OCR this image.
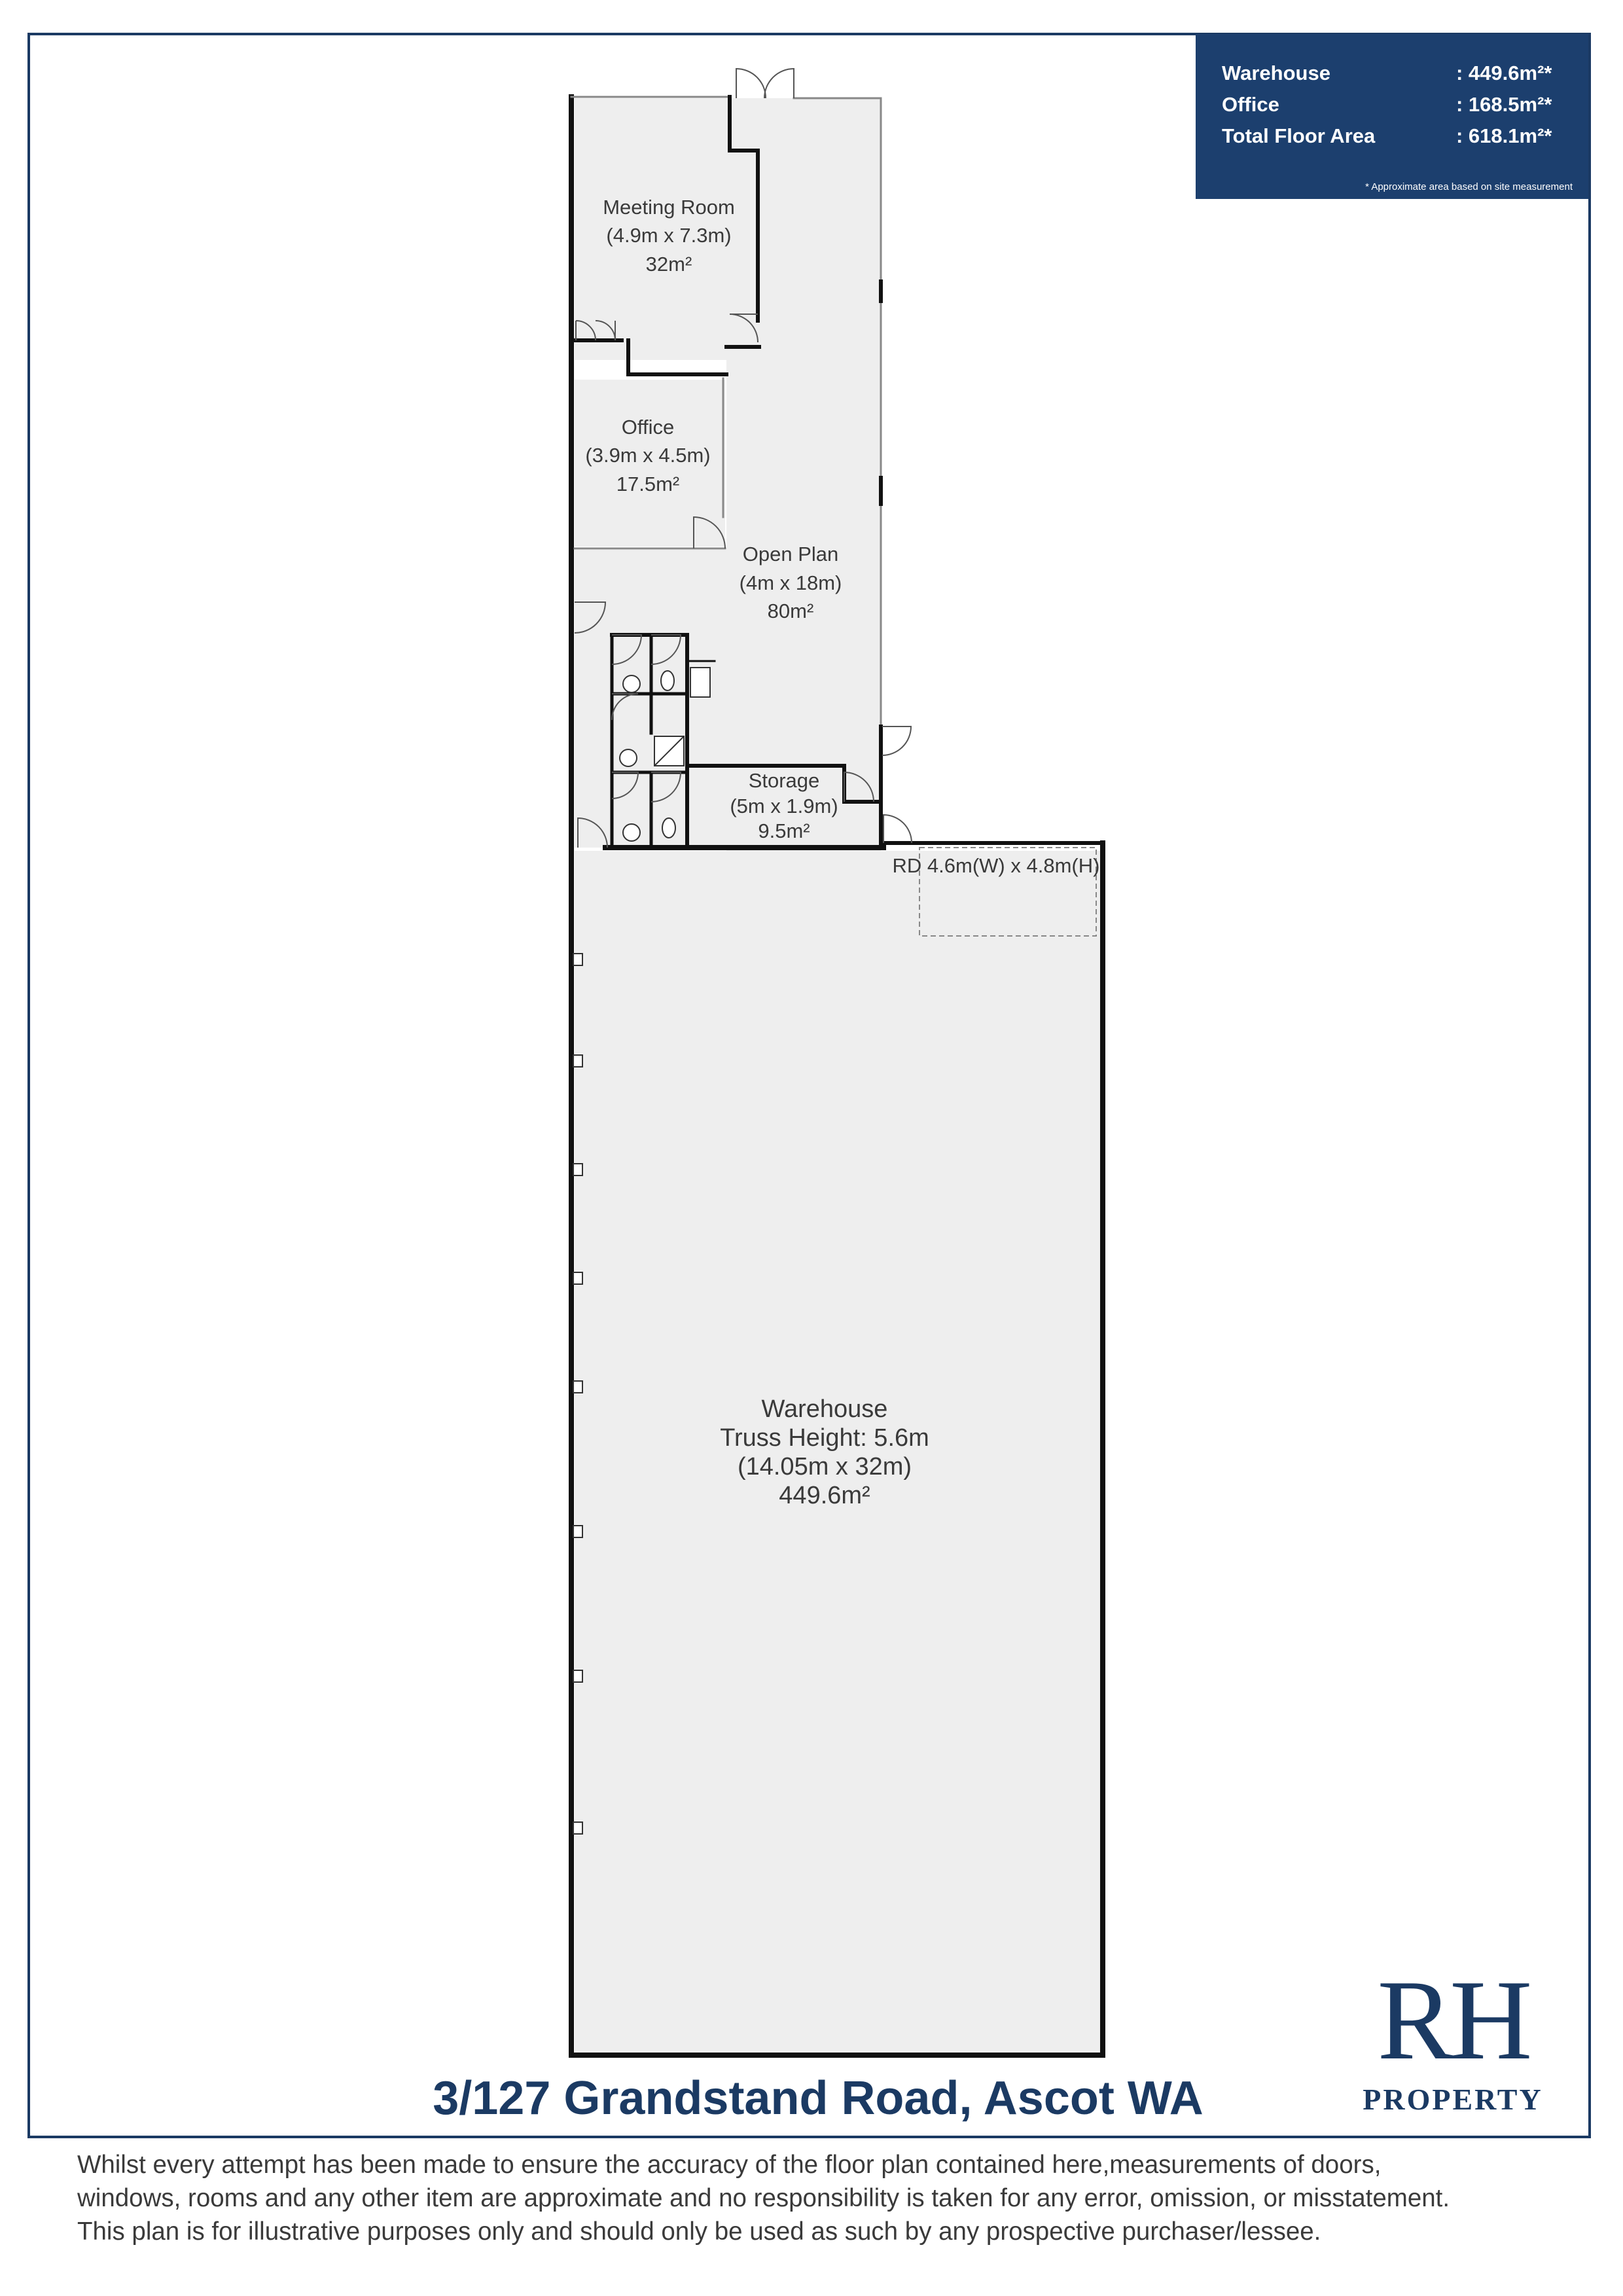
Meeting Room
(4.9m x 7.3m)
32m²
Office
(3.9m x 4.5m)
17.5m²
Open Plan
(4m x 18m)
80m²
Storage
(5m x 1.9m)
9.5m²
RD 4.6m(W) x 4.8m(H)
Warehouse
Truss Height: 5.6m
(14.05m x 32m)
449.6m²
Warehouse	: 449.6m²*
Office	: 168.5m²*
Total Floor Area	: 618.1m²*
* Approximate area based on site measurement
3/127 Grandstand Road, Ascot WA
RH
PROPERTY
Whilst every attempt has been made to ensure the accuracy of the floor plan contained here,measurements of doors,
windows, rooms and any other item are approximate and no responsibility is taken for any error, omission, or misstatement.
This plan is for illustrative purposes only and should only be used as such by any prospective purchaser/lessee.
